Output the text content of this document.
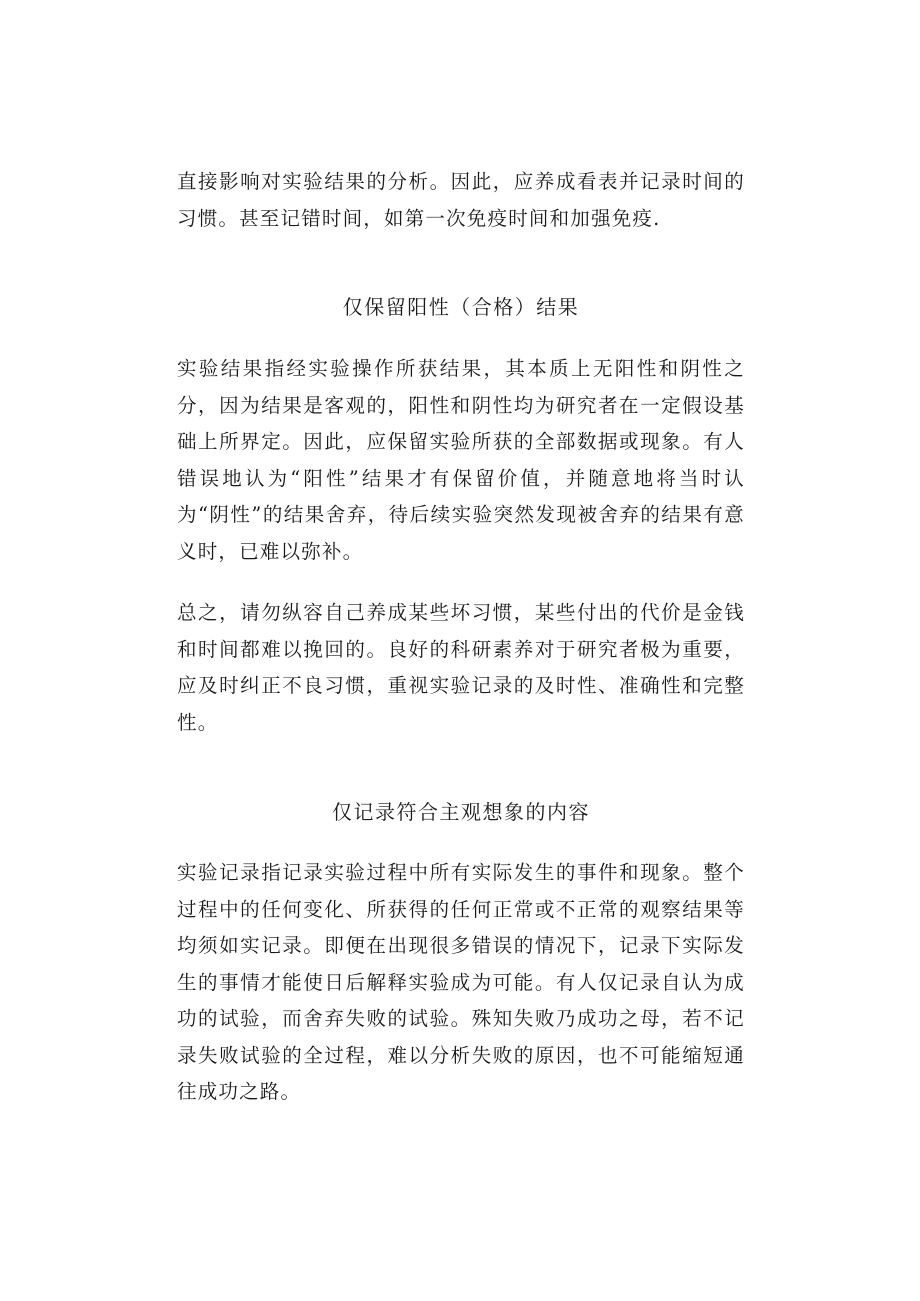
直接影响对实验结果的分析。因此，应养成看表并记录时间的习惯。甚至记错时间，如第一次免疫时间和加强免疫.

仅保留阳性（合格）结果

实验结果指经实验操作所获结果，其本质上无阳性和阴性之分，因为结果是客观的，阳性和阴性均为研究者在一定假设基础上所界定。因此，应保留实验所获的全部数据或现象。有人错误地认为“阳性”结果才有保留价值，并随意地将当时认为“阴性”的结果舍弃，待后续实验突然发现被舍弃的结果有意义时，已难以弥补。

总之，请勿纵容自己养成某些坏习惯，某些付出的代价是金钱和时间都难以挽回的。良好的科研素养对于研究者极为重要，应及时纠正不良习惯，重视实验记录的及时性、准确性和完整性。

仅记录符合主观想象的内容

实验记录指记录实验过程中所有实际发生的事件和现象。整个过程中的任何变化、所获得的任何正常或不正常的观察结果等均须如实记录。即便在出现很多错误的情况下，记录下实际发生的事情才能使日后解释实验成为可能。有人仅记录自认为成功的试验，而舍弃失败的试验。殊知失败乃成功之母，若不记录失败试验的全过程，难以分析失败的原因，也不可能缩短通往成功之路。
